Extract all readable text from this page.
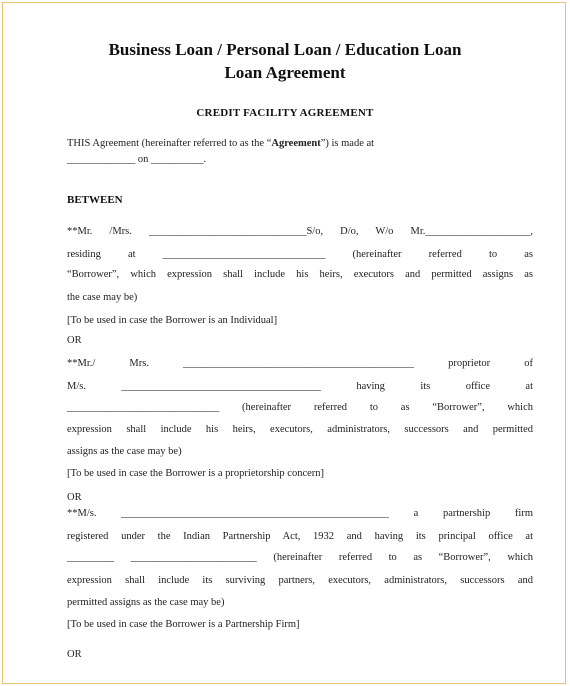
Business Loan / Personal Loan / Education Loan
Loan Agreement
CREDIT FACILITY AGREEMENT
THIS Agreement (hereinafter referred to as the “Agreement”) is made at
_____________ on __________.
BETWEEN
**Mr. /Mrs. ______________________________S/o, D/o, W/o Mr.____________________,
residing at _______________________________ (hereinafter referred to as
“Borrower”, which expression shall include his heirs, executors and permitted assigns as
the case may be)
[To be used in case the Borrower is an Individual]
OR
**Mr./ Mrs. ____________________________________________ proprietor of
M/s. ______________________________________ having its office at
_____________________________ (hereinafter referred to as “Borrower”, which
expression shall include his heirs, executors, administrators, successors and permitted
assigns as the case may be)
[To be used in case the Borrower is a proprietorship concern]
OR
**M/s. ___________________________________________________ a partnership firm
registered under the Indian Partnership Act, 1932 and having its principal office at
_________ ________________________ (hereinafter referred to as “Borrower”, which
expression shall include its surviving partners, executors, administrators, successors and
permitted assigns as the case may be)
[To be used in case the Borrower is a Partnership Firm]
OR
